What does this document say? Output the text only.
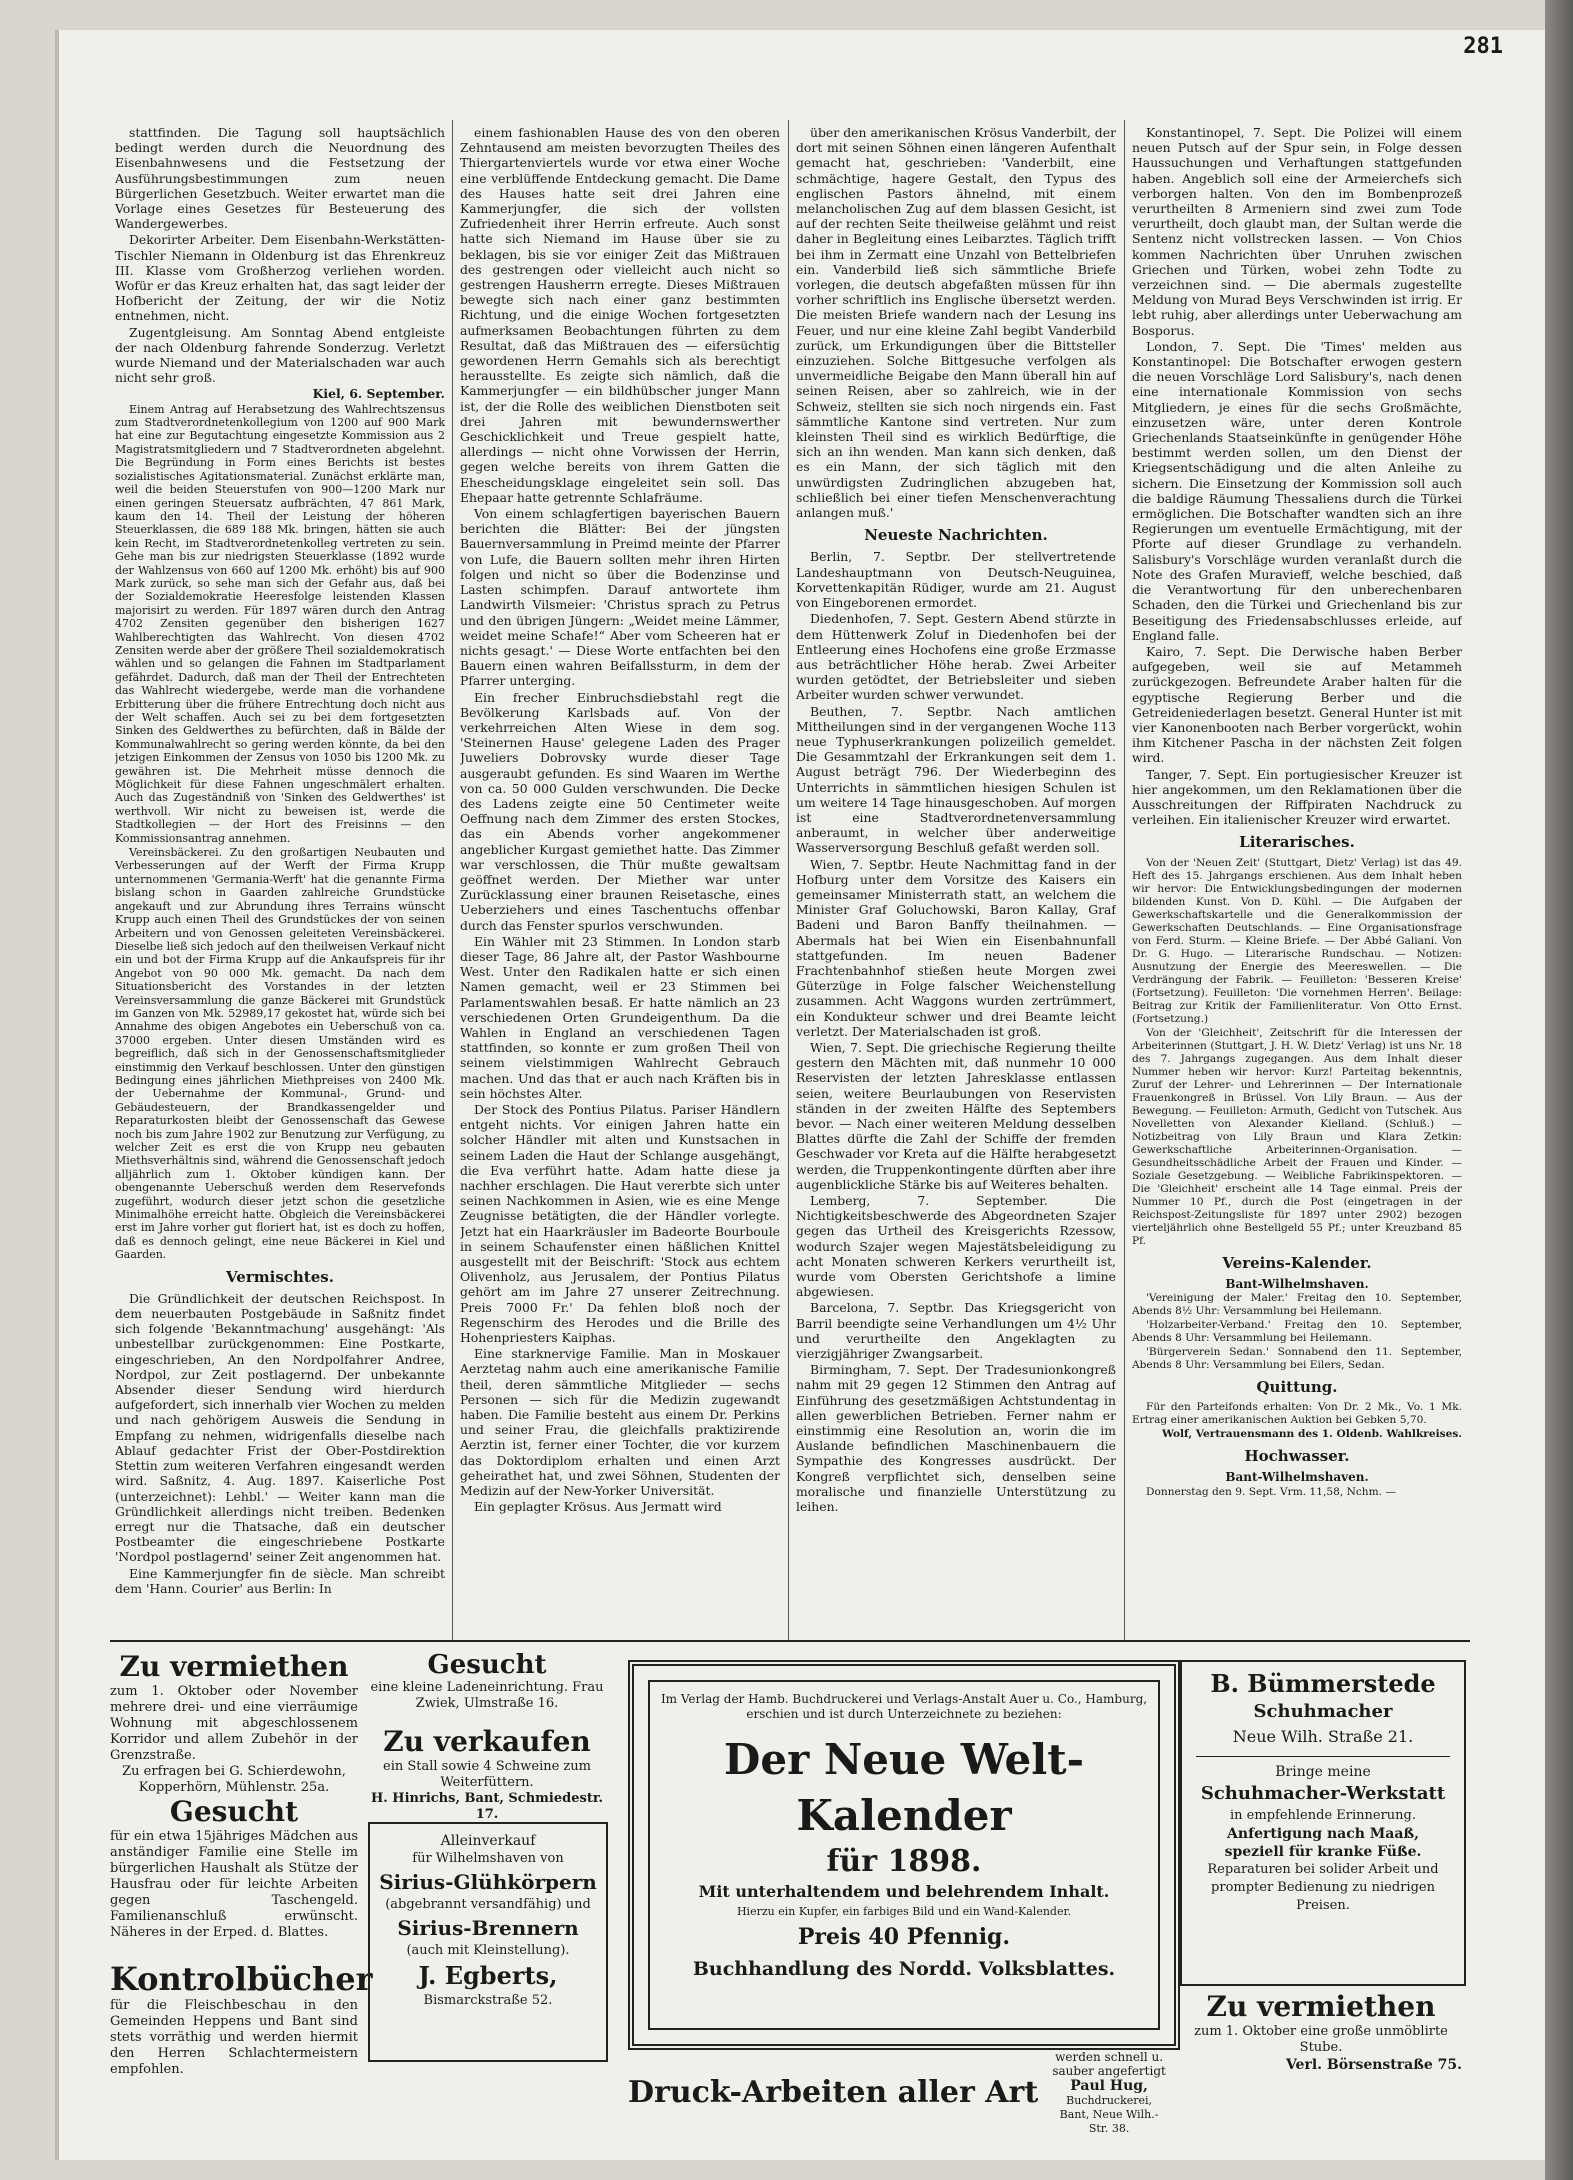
281

stattfinden. Die Tagung soll hauptsächlich bedingt werden durch die Neuordnung des Eisenbahnwesens und die Festsetzung der Ausführungsbestimmungen zum neuen Bürgerlichen Gesetzbuch. Weiter erwartet man die Vorlage eines Gesetzes für Besteuerung des Wandergewerbes.

Dekorirter Arbeiter. Dem Eisenbahn-Werkstätten-Tischler Niemann in Oldenburg ist das Ehrenkreuz III. Klasse vom Großherzog verliehen worden. Wofür er das Kreuz erhalten hat, das sagt leider der Hofbericht der Zeitung, der wir die Notiz entnehmen, nicht.

Zugentgleisung. Am Sonntag Abend entgleiste der nach Oldenburg fahrende Sonderzug. Verletzt wurde Niemand und der Materialschaden war auch nicht sehr groß.

Kiel, 6. September.

Einem Antrag auf Herabsetzung des Wahlrechtszensus zum Stadtverordnetenkollegium von 1200 auf 900 Mark hat eine zur Begutachtung eingesetzte Kommission aus 2 Magistratsmitgliedern und 7 Stadtverordneten abgelehnt. Die Begründung in Form eines Berichts ist bestes sozialistisches Agitationsmaterial. Zunächst erklärte man, weil die beiden Steuerstufen von 900—1200 Mark nur einen geringen Steuersatz aufbrächten, 47 861 Mark, kaum den 14. Theil der Leistung der höheren Steuerklassen, die 689 188 Mk. bringen, hätten sie auch kein Recht, im Stadtverordnetenkolleg vertreten zu sein. Gehe man bis zur niedrigsten Steuerklasse (1892 wurde der Wahlzensus von 660 auf 1200 Mk. erhöht) bis auf 900 Mark zurück, so sehe man sich der Gefahr aus, daß bei der Sozialdemokratie Heeresfolge leistenden Klassen majorisirt zu werden. Für 1897 wären durch den Antrag 4702 Zensiten gegenüber den bisherigen 1627 Wahlberechtigten das Wahlrecht. Von diesen 4702 Zensiten werde aber der größere Theil sozialdemokratisch wählen und so gelangen die Fahnen im Stadtparlament gefährdet. Dadurch, daß man der Theil der Entrechteten das Wahlrecht wiedergebe, werde man die vorhandene Erbitterung über die frühere Entrechtung doch nicht aus der Welt schaffen. Auch sei zu bei dem fortgesetzten Sinken des Geldwerthes zu befürchten, daß in Bälde der Kommunalwahlrecht so gering werden könnte, da bei den jetzigen Einkommen der Zensus von 1050 bis 1200 Mk. zu gewähren ist. Die Mehrheit müsse dennoch die Möglichkeit für diese Fahnen ungeschmälert erhalten. Auch das Zugeständniß von 'Sinken des Geldwerthes' ist werthvoll. Wir nicht zu beweisen ist, werde die Stadtkollegien — der Hort des Freisinns — den Kommissionsantrag annehmen.

Vereinsbäckerei. Zu den großartigen Neubauten und Verbesserungen auf der Werft der Firma Krupp unternommenen 'Germania-Werft' hat die genannte Firma bislang schon in Gaarden zahlreiche Grundstücke angekauft und zur Abrundung ihres Terrains wünscht Krupp auch einen Theil des Grundstückes der von seinen Arbeitern und von Genossen geleiteten Vereinsbäckerei. Dieselbe ließ sich jedoch auf den theilweisen Verkauf nicht ein und bot der Firma Krupp auf die Ankaufspreis für ihr Angebot von 90 000 Mk. gemacht. Da nach dem Situationsbericht des Vorstandes in der letzten Vereinsversammlung die ganze Bäckerei mit Grundstück im Ganzen von Mk. 52989,17 gekostet hat, würde sich bei Annahme des obigen Angebotes ein Ueberschuß von ca. 37000 ergeben. Unter diesen Umständen wird es begreiflich, daß sich in der Genossenschaftsmitglieder einstimmig den Verkauf beschlossen. Unter den günstigen Bedingung eines jährlichen Miethpreises von 2400 Mk. der Uebernahme der Kommunal-, Grund- und Gebäudesteuern, der Brandkassengelder und Reparaturkosten bleibt der Genossenschaft das Gewese noch bis zum Jahre 1902 zur Benutzung zur Verfügung, zu welcher Zeit es erst die von Krupp neu gebauten Miethsverhältnis sind, während die Genossenschaft jedoch alljährlich zum 1. Oktober kündigen kann. Der obengenannte Ueberschuß werden dem Reservefonds zugeführt, wodurch dieser jetzt schon die gesetzliche Minimalhöhe erreicht hatte. Obgleich die Vereinsbäckerei erst im Jahre vorher gut floriert hat, ist es doch zu hoffen, daß es dennoch gelingt, eine neue Bäckerei in Kiel und Gaarden.

Vermischtes.

Die Gründlichkeit der deutschen Reichspost. In dem neuerbauten Postgebäude in Saßnitz findet sich folgende 'Bekanntmachung' ausgehängt: 'Als unbestellbar zurückgenommen: Eine Postkarte, eingeschrieben, An den Nordpolfahrer Andree, Nordpol, zur Zeit postlagernd. Der unbekannte Absender dieser Sendung wird hierdurch aufgefordert, sich innerhalb vier Wochen zu melden und nach gehörigem Ausweis die Sendung in Empfang zu nehmen, widrigenfalls dieselbe nach Ablauf gedachter Frist der Ober-Postdirektion Stettin zum weiteren Verfahren eingesandt werden wird. Saßnitz, 4. Aug. 1897. Kaiserliche Post (unterzeichnet): Lehbl.' — Weiter kann man die Gründlichkeit allerdings nicht treiben. Bedenken erregt nur die Thatsache, daß ein deutscher Postbeamter die eingeschriebene Postkarte 'Nordpol postlagernd' seiner Zeit angenommen hat.

Eine Kammerjungfer fin de siècle. Man schreibt dem 'Hann. Courier' aus Berlin: In

einem fashionablen Hause des von den oberen Zehntausend am meisten bevorzugten Theiles des Thiergartenviertels wurde vor etwa einer Woche eine verblüffende Entdeckung gemacht. Die Dame des Hauses hatte seit drei Jahren eine Kammerjungfer, die sich der vollsten Zufriedenheit ihrer Herrin erfreute. Auch sonst hatte sich Niemand im Hause über sie zu beklagen, bis sie vor einiger Zeit das Mißtrauen des gestrengen oder vielleicht auch nicht so gestrengen Hausherrn erregte. Dieses Mißtrauen bewegte sich nach einer ganz bestimmten Richtung, und die einige Wochen fortgesetzten aufmerksamen Beobachtungen führten zu dem Resultat, daß das Mißtrauen des — eifersüchtig gewordenen Herrn Gemahls sich als berechtigt herausstellte. Es zeigte sich nämlich, daß die Kammerjungfer — ein bildhübscher junger Mann ist, der die Rolle des weiblichen Dienstboten seit drei Jahren mit bewundernswerther Geschicklichkeit und Treue gespielt hatte, allerdings — nicht ohne Vorwissen der Herrin, gegen welche bereits von ihrem Gatten die Ehescheidungsklage eingeleitet sein soll. Das Ehepaar hatte getrennte Schlafräume.

Von einem schlagfertigen bayerischen Bauern berichten die Blätter: Bei der jüngsten Bauernversammlung in Preimd meinte der Pfarrer von Lufe, die Bauern sollten mehr ihren Hirten folgen und nicht so über die Bodenzinse und Lasten schimpfen. Darauf antwortete ihm Landwirth Vilsmeier: 'Christus sprach zu Petrus und den übrigen Jüngern: „Weidet meine Lämmer, weidet meine Schafe!“ Aber vom Scheeren hat er nichts gesagt.' — Diese Worte entfachten bei den Bauern einen wahren Beifallssturm, in dem der Pfarrer unterging.

Ein frecher Einbruchsdiebstahl regt die Bevölkerung Karlsbads auf. Von der verkehrreichen Alten Wiese in dem sog. 'Steinernen Hause' gelegene Laden des Prager Juweliers Dobrovsky wurde dieser Tage ausgeraubt gefunden. Es sind Waaren im Werthe von ca. 50 000 Gulden verschwunden. Die Decke des Ladens zeigte eine 50 Centimeter weite Oeffnung nach dem Zimmer des ersten Stockes, das ein Abends vorher angekommener angeblicher Kurgast gemiethet hatte. Das Zimmer war verschlossen, die Thür mußte gewaltsam geöffnet werden. Der Miether war unter Zurücklassung einer braunen Reisetasche, eines Ueberziehers und eines Taschentuchs offenbar durch das Fenster spurlos verschwunden.

Ein Wähler mit 23 Stimmen. In London starb dieser Tage, 86 Jahre alt, der Pastor Washbourne West. Unter den Radikalen hatte er sich einen Namen gemacht, weil er 23 Stimmen bei Parlamentswahlen besaß. Er hatte nämlich an 23 verschiedenen Orten Grundeigenthum. Da die Wahlen in England an verschiedenen Tagen stattfinden, so konnte er zum großen Theil von seinem vielstimmigen Wahlrecht Gebrauch machen. Und das that er auch nach Kräften bis in sein höchstes Alter.

Der Stock des Pontius Pilatus. Pariser Händlern entgeht nichts. Vor einigen Jahren hatte ein solcher Händler mit alten und Kunstsachen in seinem Laden die Haut der Schlange ausgehängt, die Eva verführt hatte. Adam hatte diese ja nachher erschlagen. Die Haut vererbte sich unter seinen Nachkommen in Asien, wie es eine Menge Zeugnisse betätigten, die der Händler vorlegte. Jetzt hat ein Haarkräusler im Badeorte Bourboule in seinem Schaufenster einen häßlichen Knittel ausgestellt mit der Beischrift: 'Stock aus echtem Olivenholz, aus Jerusalem, der Pontius Pilatus gehört am im Jahre 27 unserer Zeitrechnung. Preis 7000 Fr.' Da fehlen bloß noch der Regenschirm des Herodes und die Brille des Hohenpriesters Kaiphas.

Eine starknervige Familie. Man in Moskauer Aerztetag nahm auch eine amerikanische Familie theil, deren sämmtliche Mitglieder — sechs Personen — sich für die Medizin zugewandt haben. Die Familie besteht aus einem Dr. Perkins und seiner Frau, die gleichfalls praktizirende Aerztin ist, ferner einer Tochter, die vor kurzem das Doktordiplom erhalten und einen Arzt geheirathet hat, und zwei Söhnen, Studenten der Medizin auf der New-Yorker Universität.

Ein geplagter Krösus. Aus Jermatt wird

über den amerikanischen Krösus Vanderbilt, der dort mit seinen Söhnen einen längeren Aufenthalt gemacht hat, geschrieben: 'Vanderbilt, eine schmächtige, hagere Gestalt, den Typus des englischen Pastors ähnelnd, mit einem melancholischen Zug auf dem blassen Gesicht, ist auf der rechten Seite theilweise gelähmt und reist daher in Begleitung eines Leibarztes. Täglich trifft bei ihm in Zermatt eine Unzahl von Bettelbriefen ein. Vanderbild ließ sich sämmtliche Briefe vorlegen, die deutsch abgefaßten müssen für ihn vorher schriftlich ins Englische übersetzt werden. Die meisten Briefe wandern nach der Lesung ins Feuer, und nur eine kleine Zahl begibt Vanderbild zurück, um Erkundigungen über die Bittsteller einzuziehen. Solche Bittgesuche verfolgen als unvermeidliche Beigabe den Mann überall hin auf seinen Reisen, aber so zahlreich, wie in der Schweiz, stellten sie sich noch nirgends ein. Fast sämmtliche Kantone sind vertreten. Nur zum kleinsten Theil sind es wirklich Bedürftige, die sich an ihn wenden. Man kann sich denken, daß es ein Mann, der sich täglich mit den unwürdigsten Zudringlichen abzugeben hat, schließlich bei einer tiefen Menschenverachtung anlangen muß.'

Neueste Nachrichten.

Berlin, 7. Septbr. Der stellvertretende Landeshauptmann von Deutsch-Neuguinea, Korvettenkapitän Rüdiger, wurde am 21. August von Eingeborenen ermordet.

Diedenhofen, 7. Sept. Gestern Abend stürzte in dem Hüttenwerk Zoluf in Diedenhofen bei der Entleerung eines Hochofens eine große Erzmasse aus beträchtlicher Höhe herab. Zwei Arbeiter wurden getödtet, der Betriebsleiter und sieben Arbeiter wurden schwer verwundet.

Beuthen, 7. Septbr. Nach amtlichen Mittheilungen sind in der vergangenen Woche 113 neue Typhuserkrankungen polizeilich gemeldet. Die Gesammtzahl der Erkrankungen seit dem 1. August beträgt 796. Der Wiederbeginn des Unterrichts in sämmtlichen hiesigen Schulen ist um weitere 14 Tage hinausgeschoben. Auf morgen ist eine Stadtverordnetenversammlung anberaumt, in welcher über anderweitige Wasserversorgung Beschluß gefaßt werden soll.

Wien, 7. Septbr. Heute Nachmittag fand in der Hofburg unter dem Vorsitze des Kaisers ein gemeinsamer Ministerrath statt, an welchem die Minister Graf Goluchowski, Baron Kallay, Graf Badeni und Baron Banffy theilnahmen. — Abermals hat bei Wien ein Eisenbahnunfall stattgefunden. Im neuen Badener Frachtenbahnhof stießen heute Morgen zwei Güterzüge in Folge falscher Weichenstellung zusammen. Acht Waggons wurden zertrümmert, ein Kondukteur schwer und drei Beamte leicht verletzt. Der Materialschaden ist groß.

Wien, 7. Sept. Die griechische Regierung theilte gestern den Mächten mit, daß nunmehr 10 000 Reservisten der letzten Jahresklasse entlassen seien, weitere Beurlaubungen von Reservisten ständen in der zweiten Hälfte des Septembers bevor. — Nach einer weiteren Meldung desselben Blattes dürfte die Zahl der Schiffe der fremden Geschwader vor Kreta auf die Hälfte herabgesetzt werden, die Truppenkontingente dürften aber ihre augenblickliche Stärke bis auf Weiteres behalten.

Lemberg, 7. September. Die Nichtigkeitsbeschwerde des Abgeordneten Szajer gegen das Urtheil des Kreisgerichts Rzessow, wodurch Szajer wegen Majestätsbeleidigung zu acht Monaten schweren Kerkers verurtheilt ist, wurde vom Obersten Gerichtshofe a limine abgewiesen.

Barcelona, 7. Septbr. Das Kriegsgericht von Barril beendigte seine Verhandlungen um 4½ Uhr und verurtheilte den Angeklagten zu vierzigjähriger Zwangsarbeit.

Birmingham, 7. Sept. Der Tradesunionkongreß nahm mit 29 gegen 12 Stimmen den Antrag auf Einführung des gesetzmäßigen Achtstundentag in allen gewerblichen Betrieben. Ferner nahm er einstimmig eine Resolution an, worin die im Auslande befindlichen Maschinenbauern die Sympathie des Kongresses ausdrückt. Der Kongreß verpflichtet sich, denselben seine moralische und finanzielle Unterstützung zu leihen.

Konstantinopel, 7. Sept. Die Polizei will einem neuen Putsch auf der Spur sein, in Folge dessen Haussuchungen und Verhaftungen stattgefunden haben. Angeblich soll eine der Armeierchefs sich verborgen halten. Von den im Bombenprozeß verurtheilten 8 Armeniern sind zwei zum Tode verurtheilt, doch glaubt man, der Sultan werde die Sentenz nicht vollstrecken lassen. — Von Chios kommen Nachrichten über Unruhen zwischen Griechen und Türken, wobei zehn Todte zu verzeichnen sind. — Die abermals zugestellte Meldung von Murad Beys Verschwinden ist irrig. Er lebt ruhig, aber allerdings unter Ueberwachung am Bosporus.

London, 7. Sept. Die 'Times' melden aus Konstantinopel: Die Botschafter erwogen gestern die neuen Vorschläge Lord Salisbury's, nach denen eine internationale Kommission von sechs Mitgliedern, je eines für die sechs Großmächte, einzusetzen wäre, unter deren Kontrole Griechenlands Staatseinkünfte in genügender Höhe bestimmt werden sollen, um den Dienst der Kriegsentschädigung und die alten Anleihe zu sichern. Die Einsetzung der Kommission soll auch die baldige Räumung Thessaliens durch die Türkei ermöglichen. Die Botschafter wandten sich an ihre Regierungen um eventuelle Ermächtigung, mit der Pforte auf dieser Grundlage zu verhandeln. Salisbury's Vorschläge wurden veranlaßt durch die Note des Grafen Muravieff, welche beschied, daß die Verantwortung für den unberechenbaren Schaden, den die Türkei und Griechenland bis zur Beseitigung des Friedensabschlusses erleide, auf England falle.

Kairo, 7. Sept. Die Derwische haben Berber aufgegeben, weil sie auf Metammeh zurückgezogen. Befreundete Araber halten für die egyptische Regierung Berber und die Getreideniederlagen besetzt. General Hunter ist mit vier Kanonenbooten nach Berber vorgerückt, wohin ihm Kitchener Pascha in der nächsten Zeit folgen wird.

Tanger, 7. Sept. Ein portugiesischer Kreuzer ist hier angekommen, um den Reklamationen über die Ausschreitungen der Riffpiraten Nachdruck zu verleihen. Ein italienischer Kreuzer wird erwartet.

Literarisches.

Von der 'Neuen Zeit' (Stuttgart, Dietz' Verlag) ist das 49. Heft des 15. Jahrgangs erschienen. Aus dem Inhalt heben wir hervor: Die Entwicklungsbedingungen der modernen bildenden Kunst. Von D. Kühl. — Die Aufgaben der Gewerkschaftskartelle und die Generalkommission der Gewerkschaften Deutschlands. — Eine Organisationsfrage von Ferd. Sturm. — Kleine Briefe. — Der Abbé Galiani. Von Dr. G. Hugo. — Literarische Rundschau. — Notizen: Ausnutzung der Energie des Meereswellen. — Die Verdrängung der Fabrik. — Feuilleton: 'Besseren Kreise' (Fortsetzung). Feuilleton: 'Die vornehmen Herren'. Beilage: Beitrag zur Kritik der Familienliteratur. Von Otto Ernst. (Fortsetzung.)

Von der 'Gleichheit', Zeitschrift für die Interessen der Arbeiterinnen (Stuttgart, J. H. W. Dietz' Verlag) ist uns Nr. 18 des 7. Jahrgangs zugegangen. Aus dem Inhalt dieser Nummer heben wir hervor: Kurz! Parteitag bekenntnis, Zuruf der Lehrer- und Lehrerinnen — Der Internationale Frauenkongreß in Brüssel. Von Lily Braun. — Aus der Bewegung. — Feuilleton: Armuth, Gedicht von Tutschek. Aus Novelletten von Alexander Kielland. (Schluß.) — Notizbeitrag von Lily Braun und Klara Zetkin: Gewerkschaftliche Arbeiterinnen-Organisation. — Gesundheitsschädliche Arbeit der Frauen und Kinder. — Soziale Gesetzgebung. — Weibliche Fabrikinspektoren. — Die 'Gleichheit' erscheint alle 14 Tage einmal. Preis der Nummer 10 Pf., durch die Post (eingetragen in der Reichspost-Zeitungsliste für 1897 unter 2902) bezogen vierteljährlich ohne Bestellgeld 55 Pf.; unter Kreuzband 85 Pf.

Vereins-Kalender.

Bant-Wilhelmshaven.

'Vereinigung der Maler.' Freitag den 10. September, Abends 8½ Uhr: Versammlung bei Heilemann.

'Holzarbeiter-Verband.' Freitag den 10. September, Abends 8 Uhr: Versammlung bei Heilemann.

'Bürgerverein Sedan.' Sonnabend den 11. September, Abends 8 Uhr: Versammlung bei Eilers, Sedan.

Quittung.

Für den Parteifonds erhalten: Von Dr. 2 Mk., Vo. 1 Mk. Ertrag einer amerikanischen Auktion bei Gebken 5,70.

Wolf, Vertrauensmann des 1. Oldenb. Wahlkreises.

Hochwasser.

Bant-Wilhelmshaven.

Donnerstag den 9. Sept. Vrm. 11,58, Nchm. —

Zu vermiethen
zum 1. Oktober oder November mehrere drei- und eine vierräumige Wohnung mit abgeschlossenem Korridor und allem Zubehör in der Grenzstraße.
Zu erfragen bei G. Schierdewohn, Kopperhörn, Mühlenstr. 25a.
Gesucht
für ein etwa 15jähriges Mädchen aus anständiger Familie eine Stelle im bürgerlichen Haushalt als Stütze der Hausfrau oder für leichte Arbeiten gegen Taschengeld. Familienanschluß erwünscht. Näheres in der Erped. d. Blattes.
Kontrolbücher
für die Fleischbeschau in den Gemeinden Heppens und Bant sind stets vorräthig und werden hiermit den Herren Schlachtermeistern empfohlen.
Gesucht
eine kleine Ladeneinrichtung. Frau Zwiek, Ulmstraße 16.
Zu verkaufen
ein Stall sowie 4 Schweine zum Weiterfüttern.
H. Hinrichs, Bant, Schmiedestr. 17.
Alleinverkauf
für Wilhelmshaven von
Sirius-Glühkörpern
(abgebrannt versandfähig) und
Sirius-Brennern
(auch mit Kleinstellung).
J. Egberts,
Bismarckstraße 52.
Im Verlag der Hamb. Buchdruckerei und Verlags-Anstalt Auer u. Co., Hamburg, erschien und ist durch Unterzeichnete zu beziehen:
Der Neue Welt-Kalender
für 1898.
Mit unterhaltendem und belehrendem Inhalt.
Hierzu ein Kupfer, ein farbiges Bild und ein Wand-Kalender.
Preis 40 Pfennig.
Buchhandlung des Nordd. Volksblattes.
Druck-Arbeiten aller Art
werden schnell u. sauber angefertigt
Paul Hug,
Buchdruckerei, Bant, Neue Wilh.-Str. 38.
B. Bümmerstede
Schuhmacher
Neue Wilh. Straße 21.
Bringe meine
Schuhmacher-Werkstatt
in empfehlende Erinnerung.
Anfertigung nach Maaß, speziell für kranke Füße.
Reparaturen bei solider Arbeit und prompter Bedienung zu niedrigen Preisen.
Zu vermiethen
zum 1. Oktober eine große unmöblirte Stube.
Verl. Börsenstraße 75.
